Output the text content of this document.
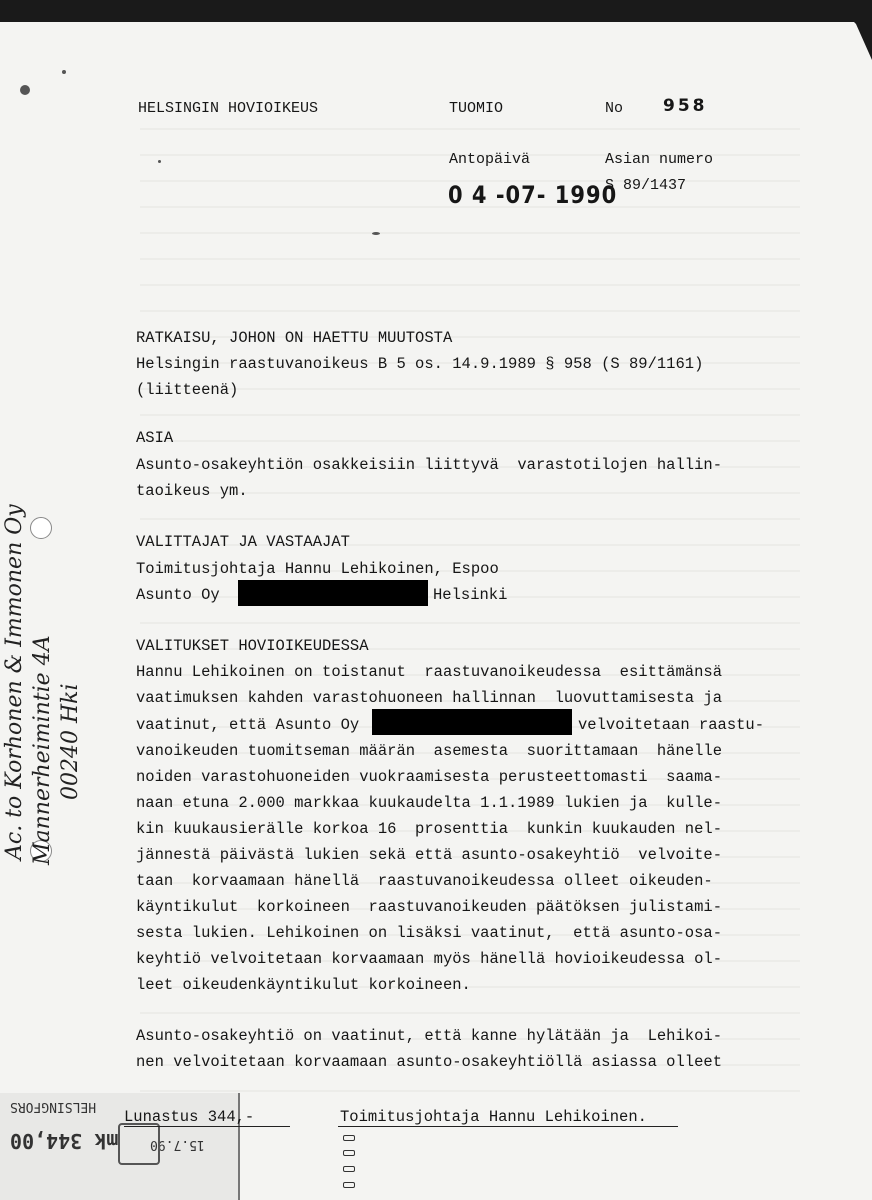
HELSINGIN HOVIOIKEUS	TUOMIO	No 958
Antopäivä	Asian numero
0 4 -07- 1990
S 89/1437
RATKAISU, JOHON ON HAETTU MUUTOSTA
Helsingin raastuvanoikeus B 5 os. 14.9.1989 § 958 (S 89/1161)
(liitteenä)
ASIA
Asunto-osakeyhtiön osakkeisiin liittyvä  varastotilojen hallin-
taoikeus ym.
VALITTAJAT JA VASTAAJAT
Toimitusjohtaja Hannu Lehikoinen, Espoo
Asunto Oy	Helsinki
VALITUKSET HOVIOIKEUDESSA
Hannu Lehikoinen on toistanut  raastuvanoikeudessa  esittämänsä
vaatimuksen kahden varastohuoneen hallinnan  luovuttamisesta ja
vaatinut, että Asunto Oy	velvoitetaan raastu-
vanoikeuden tuomitseman määrän  asemesta  suorittamaan  hänelle
noiden varastohuoneiden vuokraamisesta perusteettomasti  saama-
naan etuna 2.000 markkaa kuukaudelta 1.1.1989 lukien ja  kulle-
kin kuukausierälle korkoa 16  prosenttia  kunkin kuukauden nel-
jännestä päivästä lukien sekä että asunto-osakeyhtiö  velvoite-
taan  korvaamaan hänellä  raastuvanoikeudessa olleet oikeuden-
käyntikulut  korkoineen  raastuvanoikeuden päätöksen julistami-
sesta lukien. Lehikoinen on lisäksi vaatinut,  että asunto-osa-
keyhtiö velvoitetaan korvaamaan myös hänellä hovioikeudessa ol-
leet oikeudenkäyntikulut korkoineen.
Asunto-osakeyhtiö on vaatinut, että kanne hylätään ja  Lehikoi-
nen velvoitetaan korvaamaan asunto-osakeyhtiöllä asiassa olleet
Ac. to Korhonen & Immonen Oy Mannerheimintie 4A 00240 Hki
HELSINGFORS
mk 344,00 15.7.90
Lunastus 344,-	Toimitusjohtaja Hannu Lehikoinen.
